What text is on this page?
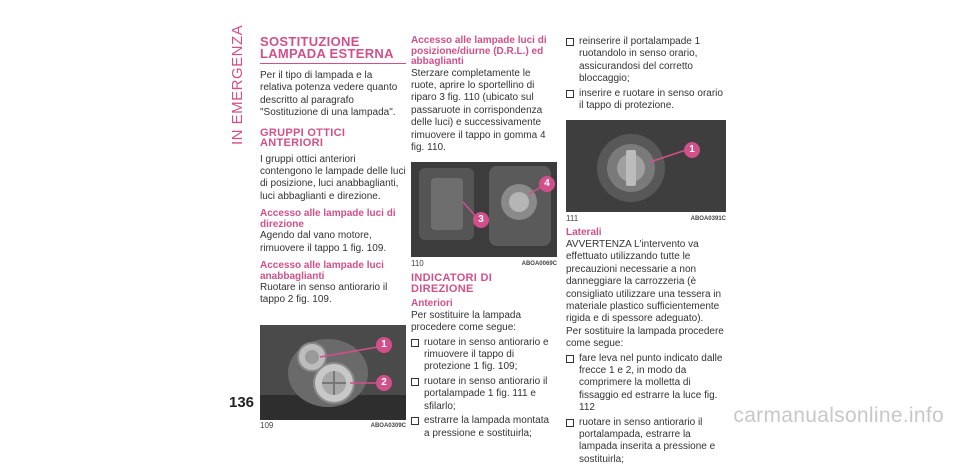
IN EMERGENZA SOSTITUZIONE LAMPADA ESTERNA

Per il tipo di lampada e la relativa potenza vedere quanto descritto al paragrafo "Sostituzione di una lampada".

GRUPPI OTTICI ANTERIORI

I gruppi ottici anteriori contengono le lampade delle luci di posizione, luci anabbaglianti, luci abbaglianti e direzione.

Accesso alle lampade luci di direzione

Agendo dal vano motore, rimuovere il tappo 1 fig. 109.

Accesso alle lampade luci anabbaglianti

Ruotare in senso antiorario il tappo 2 fig. 109.

1
2
109	ABOA0309C
Accesso alle lampade luci di posizione/diurne (D.R.L.) ed abbaglianti

Sterzare completamente le ruote, aprire lo sportellino di riparo 3 fig. 110 (ubicato sul passaruote in corrispondenza delle luci) e successivamente rimuovere il tappo in gomma 4 fig. 110.

3
4
110	ABOA0069C
INDICATORI DI DIREZIONE
Anteriori

Per sostituire la lampada procedere come segue:

ruotare in senso antiorario e rimuovere il tappo di protezione 1 fig. 109;
ruotare in senso antiorario il portalampade 1 fig. 111 e sfilarlo;
estrarre la lampada montata a pressione e sostituirla;
reinserire il portalampade 1 ruotandolo in senso orario, assicurandosi del corretto bloccaggio;
inserire e ruotare in senso orario il tappo di protezione.
1
111	ABOA0391C
Laterali

AVVERTENZA L'intervento va effettuato utilizzando tutte le precauzioni necessarie a non danneggiare la carrozzeria (è consigliato utilizzare una tessera in materiale plastico sufficientemente rigida e di spessore adeguato).

Per sostituire la lampada procedere come segue:

fare leva nel punto indicato dalle frecce 1 e 2, in modo da comprimere la molletta di fissaggio ed estrarre la luce fig. 112
ruotare in senso antiorario il portalampada, estrarre la lampada inserita a pressione e sostituirla;
136
carmanualsonline.info
